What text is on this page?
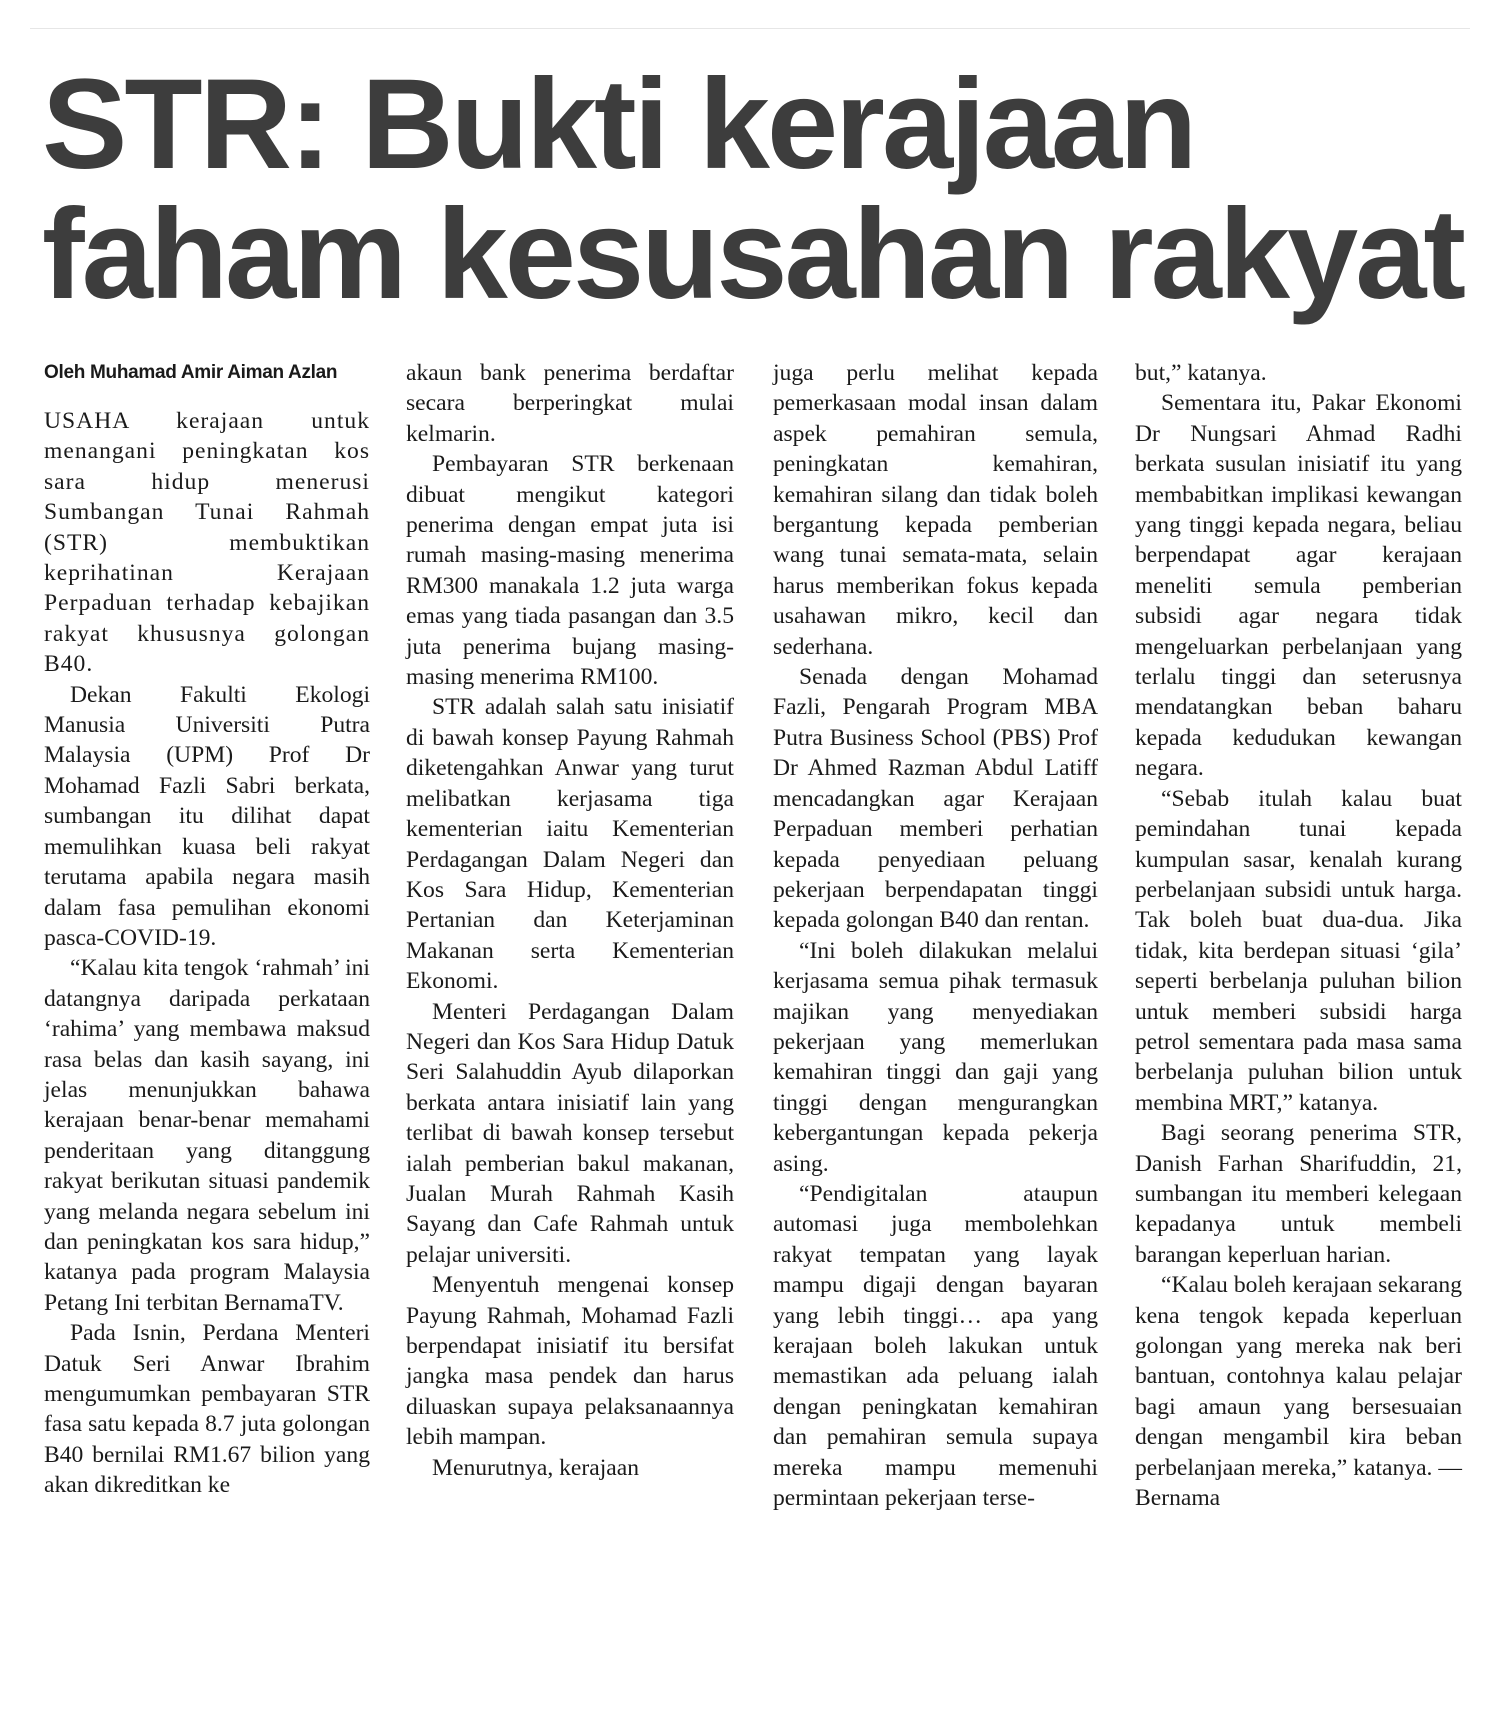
STR: Bukti kerajaan
faham kesusahan rakyat
Oleh Muhamad Amir Aiman Azlan

USAHA kerajaan untuk menangani peningkatan kos sara hidup menerusi Sumbangan Tunai Rahmah (STR) membuktikan keprihatinan Kerajaan Perpaduan terhadap kebajikan rakyat khususnya golongan B40.

Dekan Fakulti Ekologi Manusia Universiti Putra Malaysia (UPM) Prof Dr Mohamad Fazli Sabri berkata, sumbangan itu dilihat dapat memulihkan kuasa beli rakyat terutama apabila negara masih dalam fasa pemulihan ekonomi pasca-COVID-19.

“Kalau kita tengok ‘rahmah’ ini datangnya daripada perkataan ‘rahima’ yang membawa maksud rasa belas dan kasih sayang, ini jelas menunjukkan bahawa kerajaan benar-benar memahami penderitaan yang ditanggung rakyat berikutan situasi pandemik yang melanda negara sebelum ini dan peningkatan kos sara hidup,” katanya pada program Malaysia Petang Ini terbitan BernamaTV.

Pada Isnin, Perdana Menteri Datuk Seri Anwar Ibrahim mengumumkan pembayaran STR fasa satu kepada 8.7 juta golongan B40 bernilai RM1.67 bilion yang akan dikreditkan ke

akaun bank penerima berdaftar secara berperingkat mulai kelmarin.

Pembayaran STR berkenaan dibuat mengikut kategori penerima dengan empat juta isi rumah masing-masing menerima RM300 manakala 1.2 juta warga emas yang tiada pasangan dan 3.5 juta penerima bujang masing-masing menerima RM100.

STR adalah salah satu inisiatif di bawah konsep Payung Rahmah diketengahkan Anwar yang turut melibatkan kerjasama tiga kementerian iaitu Kementerian Perdagangan Dalam Negeri dan Kos Sara Hidup, Kementerian Pertanian dan Keterjaminan Makanan serta Kementerian Ekonomi.

Menteri Perdagangan Dalam Negeri dan Kos Sara Hidup Datuk Seri Salahuddin Ayub dilaporkan berkata antara inisiatif lain yang terlibat di bawah konsep tersebut ialah pemberian bakul makanan, Jualan Murah Rahmah Kasih Sayang dan Cafe Rahmah untuk pelajar universiti.

Menyentuh mengenai konsep Payung Rahmah, Mohamad Fazli berpendapat inisiatif itu bersifat jangka masa pendek dan harus diluaskan supaya pelaksanaannya lebih mampan.

Menurutnya, kerajaan

juga perlu melihat kepada pemerkasaan modal insan dalam aspek pemahiran semula, peningkatan kemahiran, kemahiran silang dan tidak boleh bergantung kepada pemberian wang tunai semata-mata, selain harus memberikan fokus kepada usahawan mikro, kecil dan sederhana.

Senada dengan Mohamad Fazli, Pengarah Program MBA Putra Business School (PBS) Prof Dr Ahmed Razman Abdul Latiff mencadangkan agar Kerajaan Perpaduan memberi perhatian kepada penyediaan peluang pekerjaan berpendapatan tinggi kepada golongan B40 dan rentan.

“Ini boleh dilakukan melalui kerjasama semua pihak termasuk majikan yang menyediakan pekerjaan yang memerlukan kemahiran tinggi dan gaji yang tinggi dengan mengurangkan kebergantungan kepada pekerja asing.

“Pendigitalan ataupun automasi juga membolehkan rakyat tempatan yang layak mampu digaji dengan bayaran yang lebih tinggi… apa yang kerajaan boleh lakukan untuk memastikan ada peluang ialah dengan peningkatan kemahiran dan pemahiran semula supaya mereka mampu memenuhi permintaan pekerjaan terse-

but,” katanya.

Sementara itu, Pakar Ekonomi Dr Nungsari Ahmad Radhi berkata susulan inisiatif itu yang membabitkan implikasi kewangan yang tinggi kepada negara, beliau berpendapat agar kerajaan meneliti semula pemberian subsidi agar negara tidak mengeluarkan perbelanjaan yang terlalu tinggi dan seterusnya mendatangkan beban baharu kepada kedudukan kewangan negara.

“Sebab itulah kalau buat pemindahan tunai kepada kumpulan sasar, kenalah kurang perbelanjaan subsidi untuk harga. Tak boleh buat dua-dua. Jika tidak, kita berdepan situasi ‘gila’ seperti berbelanja puluhan bilion untuk memberi subsidi harga petrol sementara pada masa sama berbelanja puluhan bilion untuk membina MRT,” katanya.

Bagi seorang penerima STR, Danish Farhan Sharifuddin, 21, sumbangan itu memberi kelegaan kepadanya untuk membeli barangan keperluan harian.

“Kalau boleh kerajaan sekarang kena tengok kepada keperluan golongan yang mereka nak beri bantuan, contohnya kalau pelajar bagi amaun yang bersesuaian dengan mengambil kira beban perbelanjaan mereka,” katanya. — Bernama
